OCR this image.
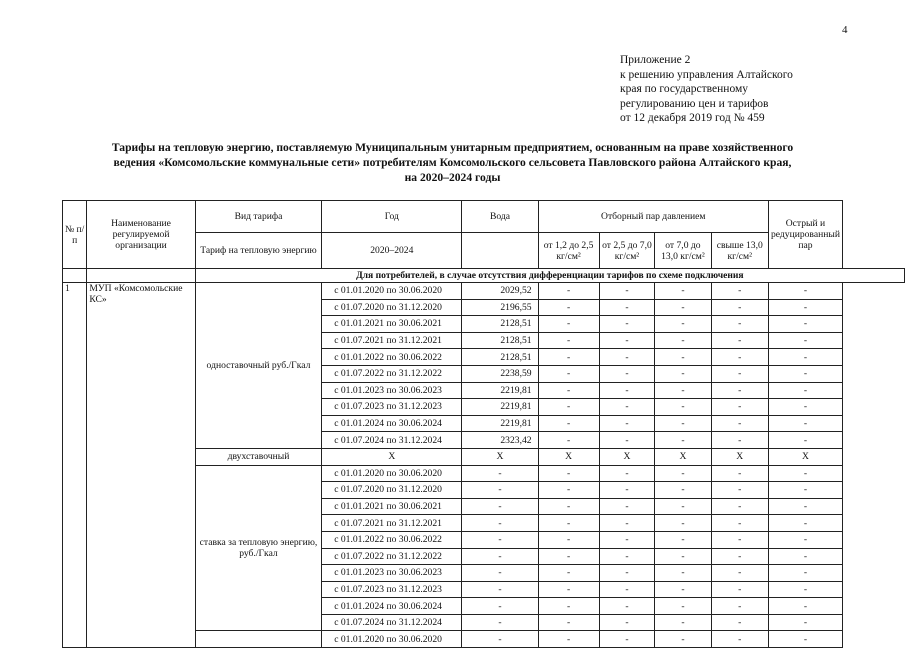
4
Приложение 2
к решению управления Алтайского
края по государственному
регулированию цен и тарифов
от 12 декабря 2019 год № 459
Тарифы на тепловую энергию, поставляемую Муниципальным унитарным предприятием, основанным на праве хозяйственного
ведения «Комсомольские коммунальные сети» потребителям Комсомольского сельсовета Павловского района Алтайского края,
на 2020–2024 годы
№ п/п	Наименование регулируемой организации	Вид тарифа	Год	Вода	Отборный пар давлением				Острый и редуцированный пар
		Тариф на тепловую энергию	2020–2024		от 1,2 до 2,5 кг/см²	от 2,5 до 7,0 кг/см²	от 7,0 до 13,0 кг/см²	свыше 13,0 кг/см²	
		Для потребителей, в случае отсутствия дифференциации тарифов по схеме подключения							
1	МУП «Комсомольские КС»	одноставочный руб./Гкал	с 01.01.2020 по 30.06.2020	2029,52	-	-	-	-	-
			с 01.07.2020 по 31.12.2020	2196,55	-	-	-	-	-
			с 01.01.2021 по 30.06.2021	2128,51	-	-	-	-	-
			с 01.07.2021 по 31.12.2021	2128,51	-	-	-	-	-
			с 01.01.2022 по 30.06.2022	2128,51	-	-	-	-	-
			с 01.07.2022 по 31.12.2022	2238,59	-	-	-	-	-
			с 01.01.2023 по 30.06.2023	2219,81	-	-	-	-	-
			с 01.07.2023 по 31.12.2023	2219,81	-	-	-	-	-
			с 01.01.2024 по 30.06.2024	2219,81	-	-	-	-	-
			с 01.07.2024 по 31.12.2024	2323,42	-	-	-	-	-
		двухставочный	Х	Х	Х	Х	Х	Х	Х
		ставка за тепловую энергию, руб./Гкал	с 01.01.2020 по 30.06.2020	-	-	-	-	-	-
			с 01.07.2020 по 31.12.2020	-	-	-	-	-	-
			с 01.01.2021 по 30.06.2021	-	-	-	-	-	-
			с 01.07.2021 по 31.12.2021	-	-	-	-	-	-
			с 01.01.2022 по 30.06.2022	-	-	-	-	-	-
			с 01.07.2022 по 31.12.2022	-	-	-	-	-	-
			с 01.01.2023 по 30.06.2023	-	-	-	-	-	-
			с 01.07.2023 по 31.12.2023	-	-	-	-	-	-
			с 01.01.2024 по 30.06.2024	-	-	-	-	-	-
			с 01.07.2024 по 31.12.2024	-	-	-	-	-	-
			с 01.01.2020 по 30.06.2020	-	-	-	-	-	-
